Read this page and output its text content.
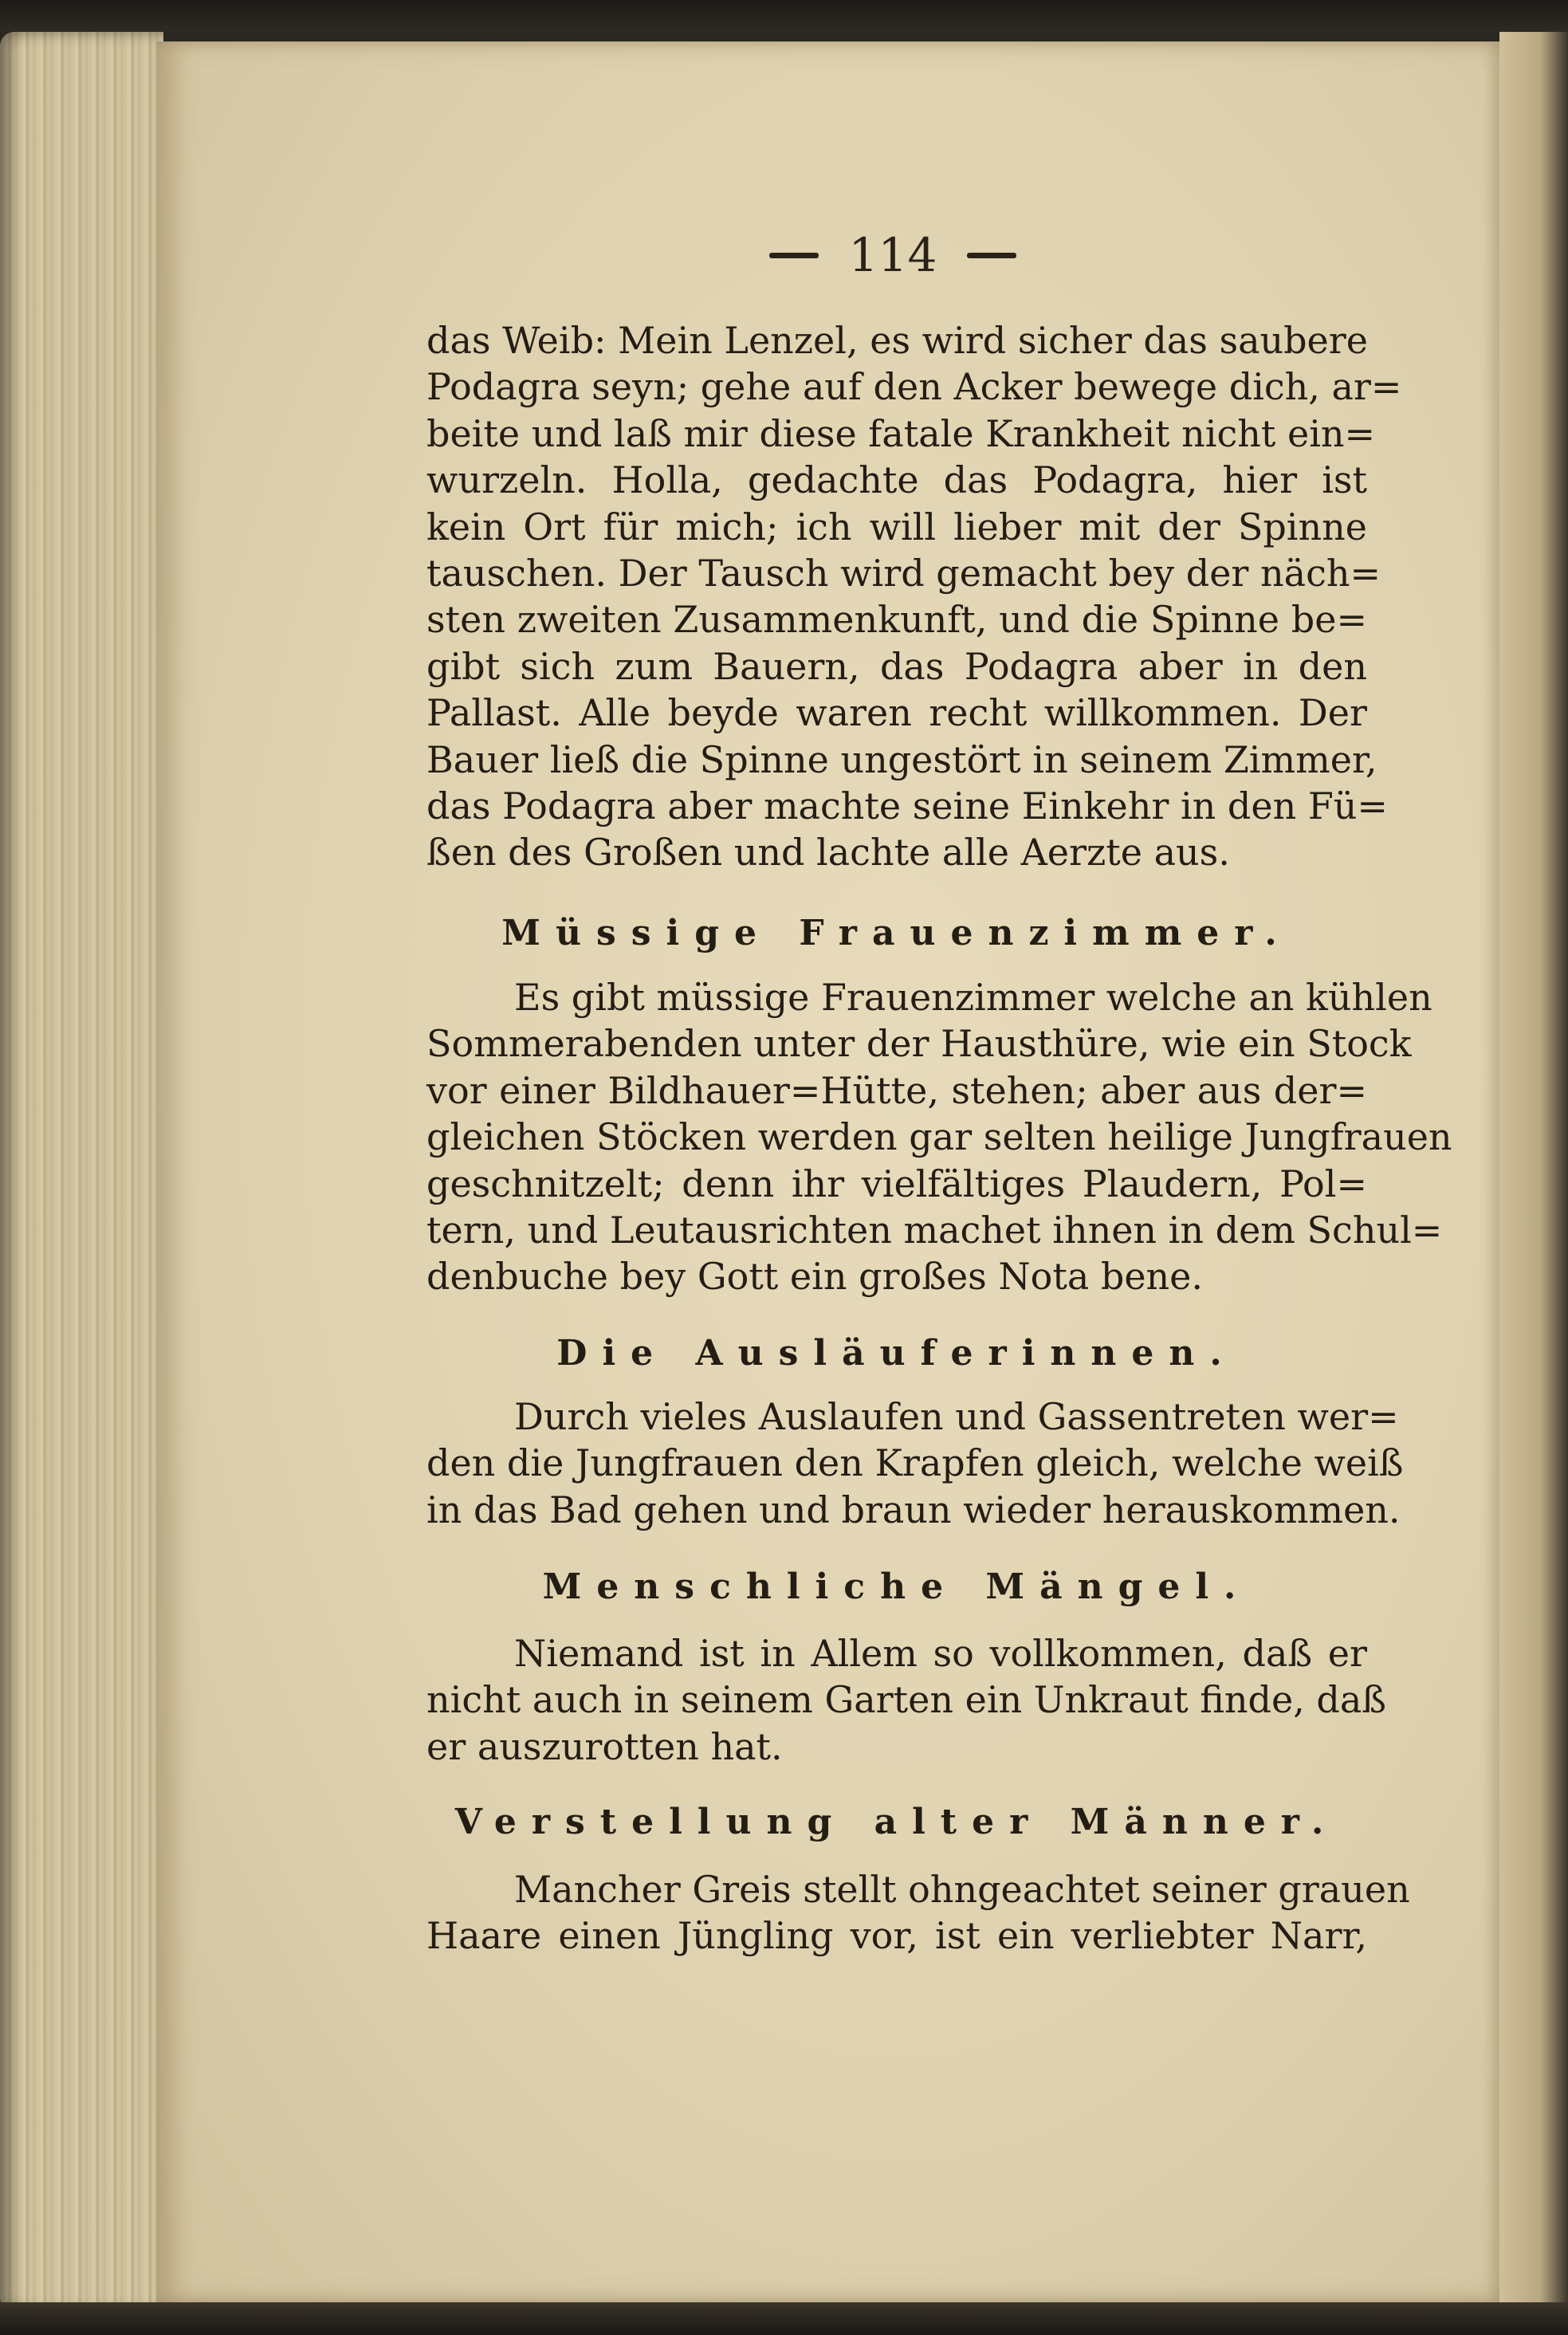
114
das Weib: Mein Lenzel, es wird sicher das saubere
Podagra seyn; gehe auf den Acker bewege dich, ar=
beite und laß mir diese fatale Krankheit nicht ein=
wurzeln. Holla, gedachte das Podagra, hier ist
kein Ort für mich; ich will lieber mit der Spinne
tauschen. Der Tausch wird gemacht bey der näch=
sten zweiten Zusammenkunft, und die Spinne be=
gibt sich zum Bauern, das Podagra aber in den
Pallast. Alle beyde waren recht willkommen. Der
Bauer ließ die Spinne ungestört in seinem Zimmer,
das Podagra aber machte seine Einkehr in den Fü=
ßen des Großen und lachte alle Aerzte aus.
Müssige Frauenzimmer.
Es gibt müssige Frauenzimmer welche an kühlen
Sommerabenden unter der Hausthüre, wie ein Stock
vor einer Bildhauer=Hütte, stehen; aber aus der=
gleichen Stöcken werden gar selten heilige Jungfrauen
geschnitzelt; denn ihr vielfältiges Plaudern, Pol=
tern, und Leutausrichten machet ihnen in dem Schul=
denbuche bey Gott ein großes Nota bene.
Die Ausläuferinnen.
Durch vieles Auslaufen und Gassentreten wer=
den die Jungfrauen den Krapfen gleich, welche weiß
in das Bad gehen und braun wieder herauskommen.
Menschliche Mängel.
Niemand ist in Allem so vollkommen, daß er
nicht auch in seinem Garten ein Unkraut finde, daß
er auszurotten hat.
Verstellung alter Männer.
Mancher Greis stellt ohngeachtet seiner grauen
Haare einen Jüngling vor, ist ein verliebter Narr,
